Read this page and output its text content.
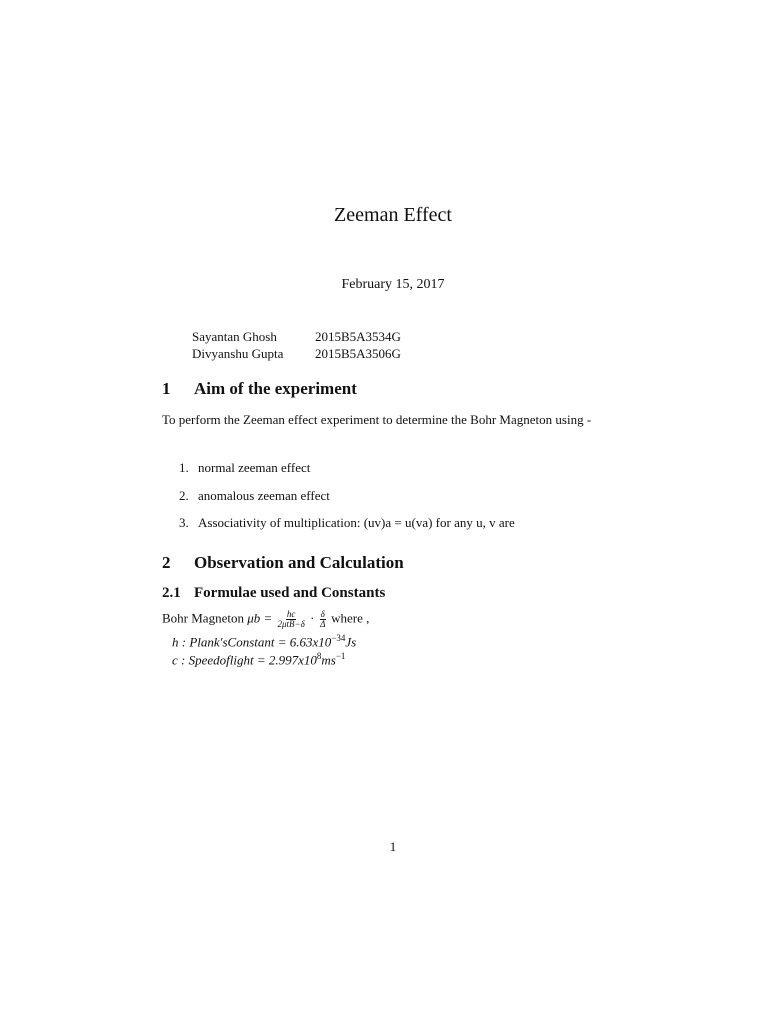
Zeeman Effect
February 15, 2017
Sayantan Ghosh	2015B5A3534G
Divyanshu Gupta	2015B5A3506G
1	Aim of the experiment
To perform the Zeeman effect experiment to determine the Bohr Magneton using -
1. normal zeeman effect
2. anomalous zeeman effect
3. Associativity of multiplication: (uv)a = u(va) for any u, v are
2	Observation and Calculation
2.1 Formulae used and Constants
Bohr Magneton $\mu b = \frac{hc}{\text{2μtB−δ}} \cdot \frac{\delta}{\Delta}$ where ,
h : Plank′sConstant = $6.63x10^{-34}Js$
c : Speedoflight = $2.997x10^8ms^{-1}$
1
